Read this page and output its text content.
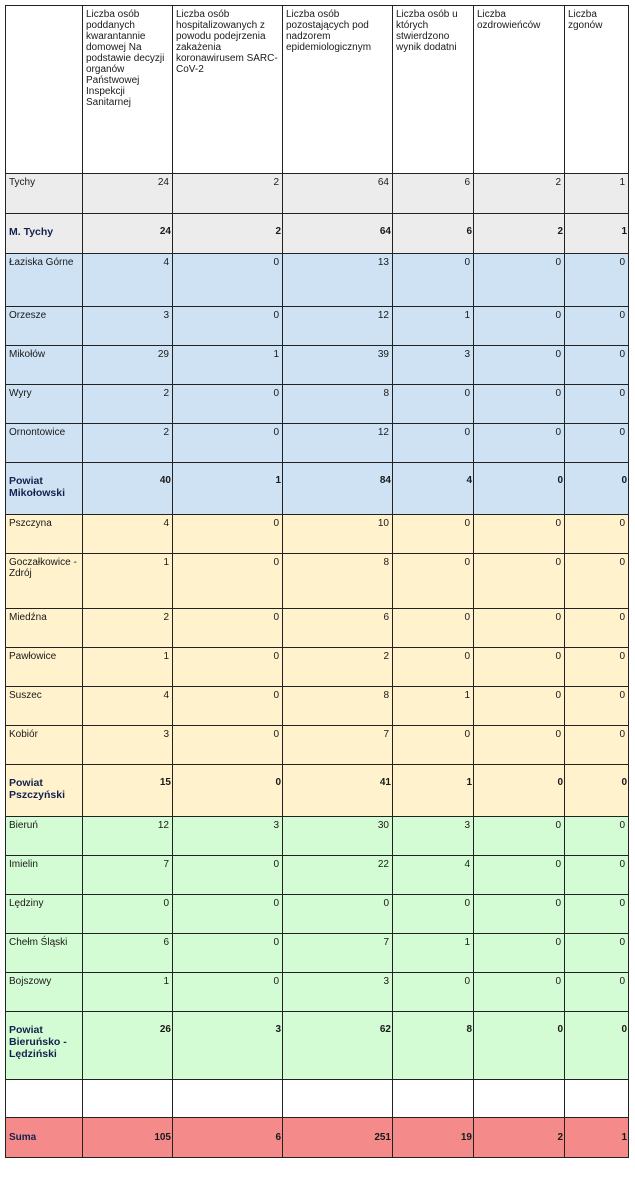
	Liczba osób poddanych kwarantannie domowej Na podstawie decyzji organów Państwowej Inspekcji Sanitarnej	Liczba osób hospitalizowanych z powodu podejrzenia zakażenia koronawirusem SARC-CoV-2	Liczba osób pozostających pod nadzorem epidemiologicznym	Liczba osób u których stwierdzono wynik dodatni	Liczba ozdrowieńców	Liczba zgonów
Tychy	24	2	64	6	2	1
M. Tychy	24	2	64	6	2	1
Łaziska Górne	4	0	13	0	0	0
Orzesze	3	0	12	1	0	0
Mikołów	29	1	39	3	0	0
Wyry	2	0	8	0	0	0
Ornontowice	2	0	12	0	0	0
Powiat Mikołowski	40	1	84	4	0	0
Pszczyna	4	0	10	0	0	0
Goczałkowice - Zdrój	1	0	8	0	0	0
Miedźna	2	0	6	0	0	0
Pawłowice	1	0	2	0	0	0
Suszec	4	0	8	1	0	0
Kobiór	3	0	7	0	0	0
Powiat Pszczyński	15	0	41	1	0	0
Bieruń	12	3	30	3	0	0
Imielin	7	0	22	4	0	0
Lędziny	0	0	0	0	0	0
Chełm Śląski	6	0	7	1	0	0
Bojszowy	1	0	3	0	0	0
Powiat Bieruńsko - Lędziński	26	3	62	8	0	0

Suma	105	6	251	19	2	1
